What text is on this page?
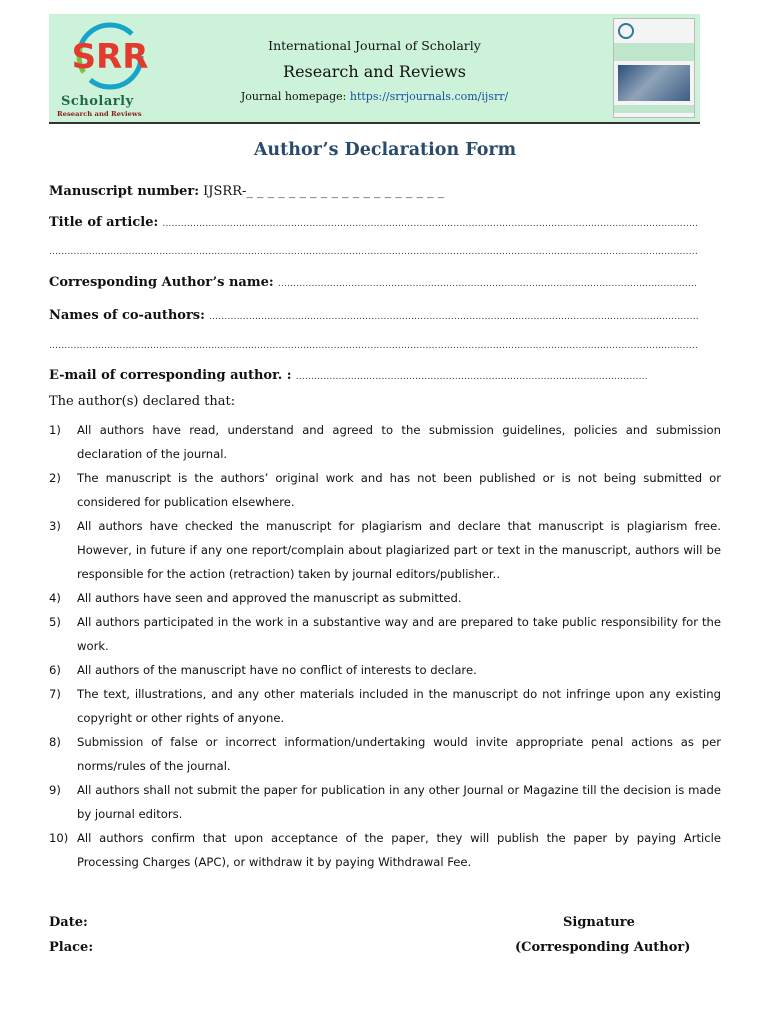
SRR
Scholarly
Research and Reviews
International Journal of Scholarly
Research and Reviews
Journal homepage: https://srrjournals.com/ijsrr/
Author’s Declaration Form
Manuscript number: IJSRR-_ _ _ _ _ _ _ _ _ _ _ _ _ _ _ _ _ _ _
Title of article: ...............................................................................................................................................................................
....................................................................................................................................................................................................................
Corresponding Author’s name: .........................................................................................................................................
Names of co-authors: ................................................................................................................................................................
....................................................................................................................................................................................................................
E-mail of corresponding author. : ...................................................................................................................
The author(s) declared that:
1) All authors have read, understand and agreed to the submission guidelines, policies and submission declaration of the journal.
2) The manuscript is the authors’ original work and has not been published or is not being submitted or considered for publication elsewhere.
3) All authors have checked the manuscript for plagiarism and declare that manuscript is plagiarism free. However, in future if any one report/complain about plagiarized part or text in the manuscript, authors will be responsible for the action (retraction) taken by journal editors/publisher..
4) All authors have seen and approved the manuscript as submitted.
5) All authors participated in the work in a substantive way and are prepared to take public responsibility for the work.
6) All authors of the manuscript have no conflict of interests to declare.
7) The text, illustrations, and any other materials included in the manuscript do not infringe upon any existing copyright or other rights of anyone.
8) Submission of false or incorrect information/undertaking would invite appropriate penal actions as per norms/rules of the journal.
9) All authors shall not submit the paper for publication in any other Journal or Magazine till the decision is made by journal editors.
10) All authors confirm that upon acceptance of the paper, they will publish the paper by paying Article Processing Charges (APC), or withdraw it by paying Withdrawal Fee.
Date:
Place:
Signature
(Corresponding Author)
